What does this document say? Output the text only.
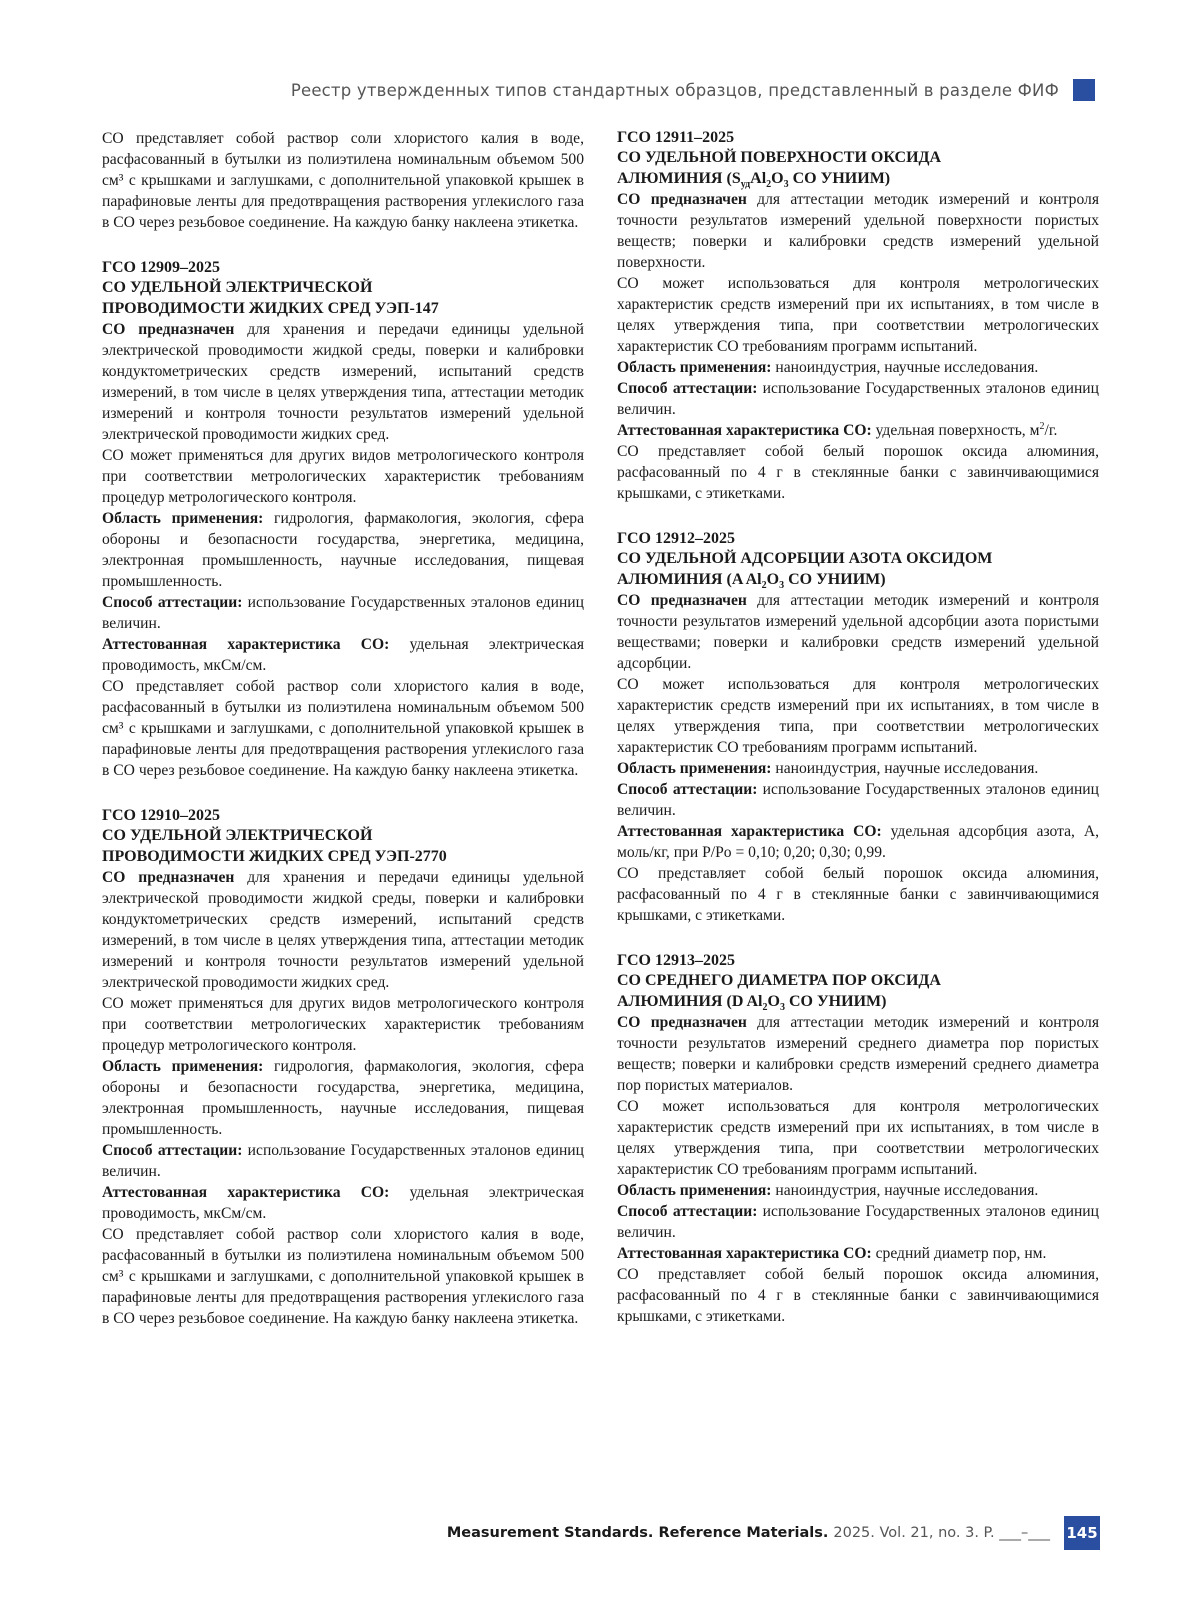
Реестр утвержденных типов стандартных образцов, представленный в разделе ФИФ

СО представляет собой раствор соли хлористого калия в воде, расфасованный в бутылки из полиэтилена номинальным объемом 500 см³ с крышками и заглушками, с дополнительной упаковкой крышек в парафиновые ленты для предотвращения растворения углекислого газа в СО через резьбовое соединение. На каждую банку наклеена этикетка.

ГСО 12909–2025
СО УДЕЛЬНОЙ ЭЛЕКТРИЧЕСКОЙ
ПРОВОДИМОСТИ ЖИДКИХ СРЕД УЭП-147

СО предназначен для хранения и передачи единицы удельной электрической проводимости жидкой среды, поверки и калибровки кондуктометрических средств измерений, испытаний средств измерений, в том числе в целях утверждения типа, аттестации методик измерений и контроля точности результатов измерений удельной электрической проводимости жидких сред.

СО может применяться для других видов метрологического контроля при соответствии метрологических характеристик требованиям процедур метрологического контроля.

Область применения: гидрология, фармакология, экология, сфера обороны и безопасности государства, энергетика, медицина, электронная промышленность, научные исследования, пищевая промышленность.

Способ аттестации: использование Государственных эталонов единиц величин.

Аттестованная характеристика СО: удельная электрическая проводимость, мкСм/см.

СО представляет собой раствор соли хлористого калия в воде, расфасованный в бутылки из полиэтилена номинальным объемом 500 см³ с крышками и заглушками, с дополнительной упаковкой крышек в парафиновые ленты для предотвращения растворения углекислого газа в СО через резьбовое соединение. На каждую банку наклеена этикетка.

ГСО 12910–2025
СО УДЕЛЬНОЙ ЭЛЕКТРИЧЕСКОЙ
ПРОВОДИМОСТИ ЖИДКИХ СРЕД УЭП-2770

СО предназначен для хранения и передачи единицы удельной электрической проводимости жидкой среды, поверки и калибровки кондуктометрических средств измерений, испытаний средств измерений, в том числе в целях утверждения типа, аттестации методик измерений и контроля точности результатов измерений удельной электрической проводимости жидких сред.

СО может применяться для других видов метрологического контроля при соответствии метрологических характеристик требованиям процедур метрологического контроля.

Область применения: гидрология, фармакология, экология, сфера обороны и безопасности государства, энергетика, медицина, электронная промышленность, научные исследования, пищевая промышленность.

Способ аттестации: использование Государственных эталонов единиц величин.

Аттестованная характеристика СО: удельная электрическая проводимость, мкСм/см.

СО представляет собой раствор соли хлористого калия в воде, расфасованный в бутылки из полиэтилена номинальным объемом 500 см³ с крышками и заглушками, с дополнительной упаковкой крышек в парафиновые ленты для предотвращения растворения углекислого газа в СО через резьбовое соединение. На каждую банку наклеена этикетка.

ГСО 12911–2025
СО УДЕЛЬНОЙ ПОВЕРХНОСТИ ОКСИДА
АЛЮМИНИЯ ($S_{уд}Al_2O_3$ СО УНИИМ)

СО предназначен для аттестации методик измерений и контроля точности результатов измерений удельной поверхности пористых веществ; поверки и калибровки средств измерений удельной поверхности.

СО может использоваться для контроля метрологических характеристик средств измерений при их испытаниях, в том числе в целях утверждения типа, при соответствии метрологических характеристик СО требованиям программ испытаний.

Область применения: наноиндустрия, научные исследования.

Способ аттестации: использование Государственных эталонов единиц величин.

Аттестованная характеристика СО: удельная поверхность, $м^2/г$.

СО представляет собой белый порошок оксида алюминия, расфасованный по 4 г в стеклянные банки с завинчивающимися крышками, с этикетками.

ГСО 12912–2025
СО УДЕЛЬНОЙ АДСОРБЦИИ АЗОТА ОКСИДОМ
АЛЮМИНИЯ (A $Al_2O_3$ СО УНИИМ)

СО предназначен для аттестации методик измерений и контроля точности результатов измерений удельной адсорбции азота пористыми веществами; поверки и калибровки средств измерений удельной адсорбции.

СО может использоваться для контроля метрологических характеристик средств измерений при их испытаниях, в том числе в целях утверждения типа, при соответствии метрологических характеристик СО требованиям программ испытаний.

Область применения: наноиндустрия, научные исследования.

Способ аттестации: использование Государственных эталонов единиц величин.

Аттестованная характеристика СО: удельная адсорбция азота, A, моль/кг, при P/Po = 0,10; 0,20; 0,30; 0,99.

СО представляет собой белый порошок оксида алюминия, расфасованный по 4 г в стеклянные банки с завинчивающимися крышками, с этикетками.

ГСО 12913–2025
СО СРЕДНЕГО ДИАМЕТРА ПОР ОКСИДА
АЛЮМИНИЯ (D $Al_2O_3$ СО УНИИМ)

СО предназначен для аттестации методик измерений и контроля точности результатов измерений среднего диаметра пор пористых веществ; поверки и калибровки средств измерений среднего диаметра пор пористых материалов.

СО может использоваться для контроля метрологических характеристик средств измерений при их испытаниях, в том числе в целях утверждения типа, при соответствии метрологических характеристик СО требованиям программ испытаний.

Область применения: наноиндустрия, научные исследования.

Способ аттестации: использование Государственных эталонов единиц величин.

Аттестованная характеристика СО: средний диаметр пор, нм.

СО представляет собой белый порошок оксида алюминия, расфасованный по 4 г в стеклянные банки с завинчивающимися крышками, с этикетками.

Measurement Standards. Reference Materials. 2025. Vol. 21, no. 3. P. ___–___ 145
